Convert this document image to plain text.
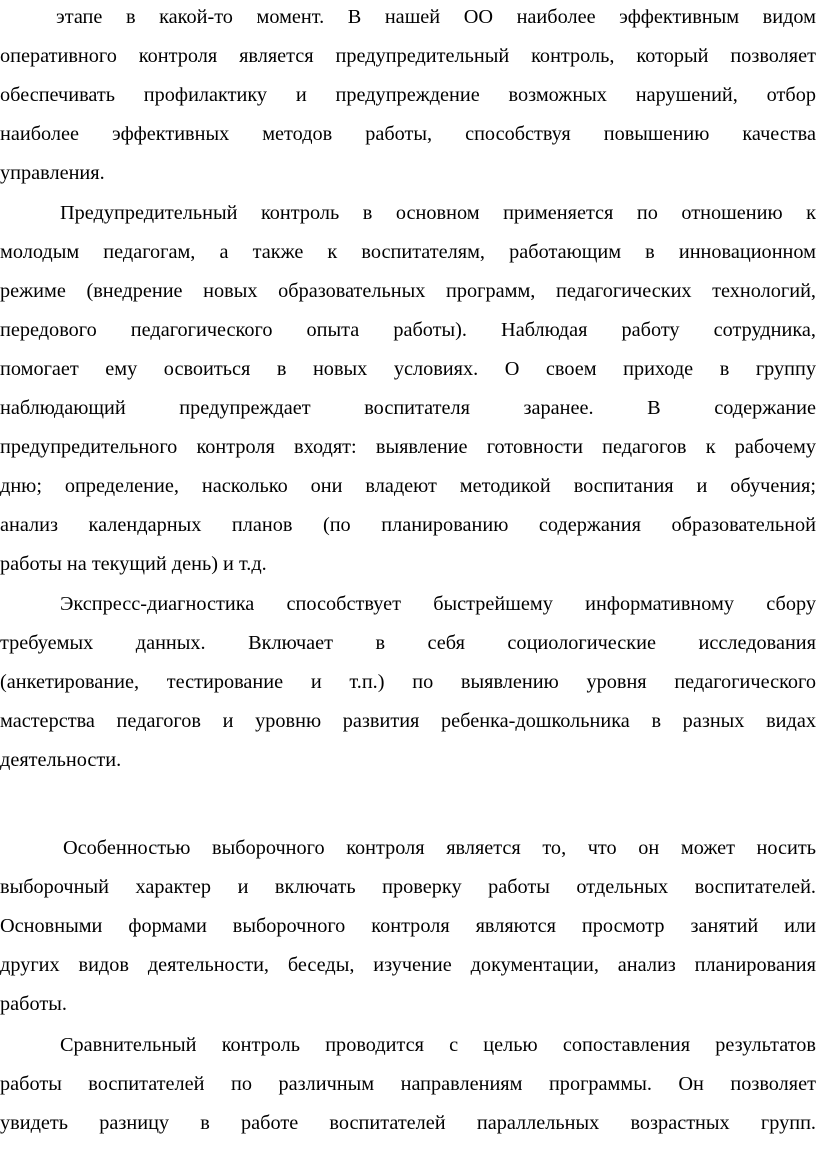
этапе в какой-то момент. В нашей ОО наиболее эффективным видом
оперативного контроля является предупредительный контроль, который позволяет
обеспечивать профилактику и предупреждение возможных нарушений, отбор
наиболее эффективных методов работы, способствуя повышению качества
управления.
Предупредительный контроль в основном применяется по отношению к
молодым педагогам, а также к воспитателям, работающим в инновационном
режиме (внедрение новых образовательных программ, педагогических технологий,
передового педагогического опыта работы). Наблюдая работу сотрудника,
помогает ему освоиться в новых условиях. О своем приходе в группу
наблюдающий предупреждает воспитателя заранее. В содержание
предупредительного контроля входят: выявление готовности педагогов к рабочему
дню; определение, насколько они владеют методикой воспитания и обучения;
анализ календарных планов (по планированию содержания образовательной
работы на текущий день) и т.д.
Экспресс-диагностика способствует быстрейшему информативному сбору
требуемых данных. Включает в себя социологические исследования
(анкетирование, тестирование и т.п.) по выявлению уровня педагогического
мастерства педагогов и уровню развития ребенка-дошкольника в разных видах
деятельности.
Особенностью выборочного контроля является то, что он может носить
выборочный характер и включать проверку работы отдельных воспитателей.
Основными формами выборочного контроля являются просмотр занятий или
других видов деятельности, беседы, изучение документации, анализ планирования
работы.
Сравнительный контроль проводится с целью сопоставления результатов
работы воспитателей по различным направлениям программы. Он позволяет
увидеть разницу в работе воспитателей параллельных возрастных групп.
